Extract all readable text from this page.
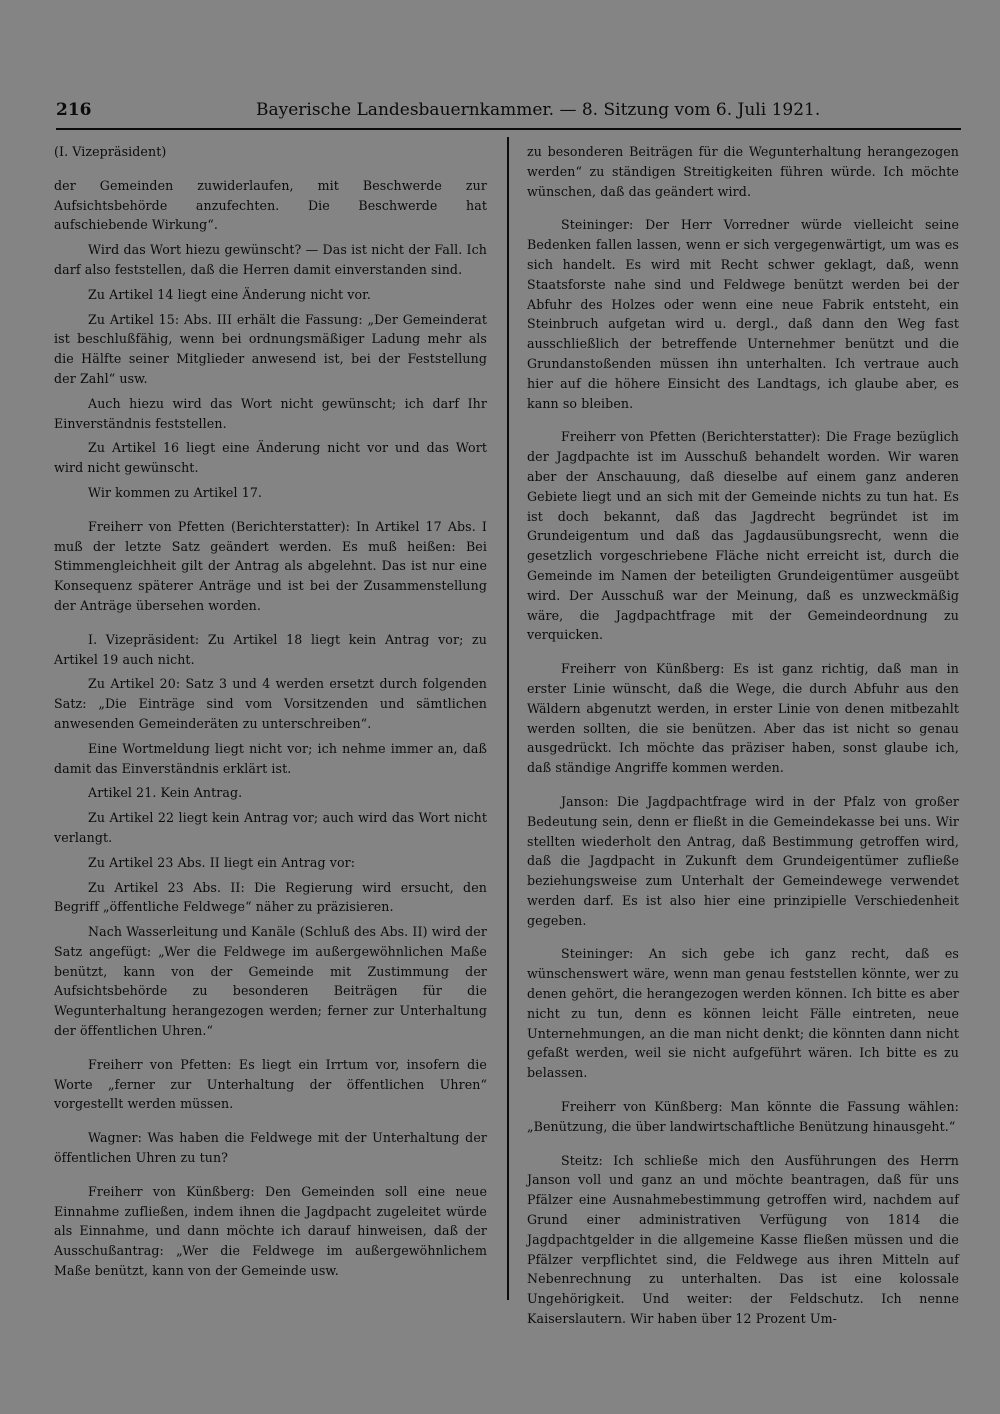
216	Bayerische Landesbauernkammer. — 8. Sitzung vom 6. Juli 1921.

(I. Vizepräsident)

der Gemeinden zuwiderlaufen, mit Beschwerde zur Aufsichtsbehörde anzufechten. Die Beschwerde hat aufschiebende Wirkung“.

Wird das Wort hiezu gewünscht? — Das ist nicht der Fall. Ich darf also feststellen, daß die Herren damit einverstanden sind.

Zu Artikel 14 liegt eine Änderung nicht vor.

Zu Artikel 15: Abs. III erhält die Fassung: „Der Gemeinderat ist beschlußfähig, wenn bei ordnungsmäßiger Ladung mehr als die Hälfte seiner Mitglieder anwesend ist, bei der Feststellung der Zahl“ usw.

Auch hiezu wird das Wort nicht gewünscht; ich darf Ihr Einverständnis feststellen.

Zu Artikel 16 liegt eine Änderung nicht vor und das Wort wird nicht gewünscht.

Wir kommen zu Artikel 17.

Freiherr von Pfetten (Berichterstatter): In Artikel 17 Abs. I muß der letzte Satz geändert werden. Es muß heißen: Bei Stimmengleichheit gilt der Antrag als abgelehnt. Das ist nur eine Konsequenz späterer Anträge und ist bei der Zusammenstellung der Anträge übersehen worden.

I. Vizepräsident: Zu Artikel 18 liegt kein Antrag vor; zu Artikel 19 auch nicht.

Zu Artikel 20: Satz 3 und 4 werden ersetzt durch folgenden Satz: „Die Einträge sind vom Vorsitzenden und sämtlichen anwesenden Gemeinderäten zu unterschreiben“.

Eine Wortmeldung liegt nicht vor; ich nehme immer an, daß damit das Einverständnis erklärt ist.

Artikel 21. Kein Antrag.

Zu Artikel 22 liegt kein Antrag vor; auch wird das Wort nicht verlangt.

Zu Artikel 23 Abs. II liegt ein Antrag vor:

Zu Artikel 23 Abs. II: Die Regierung wird ersucht, den Begriff „öffentliche Feldwege“ näher zu präzisieren.

Nach Wasserleitung und Kanäle (Schluß des Abs. II) wird der Satz angefügt: „Wer die Feldwege im außergewöhnlichen Maße benützt, kann von der Gemeinde mit Zustimmung der Aufsichtsbehörde zu besonderen Beiträgen für die Wegunterhaltung herangezogen werden; ferner zur Unterhaltung der öffentlichen Uhren.“

Freiherr von Pfetten: Es liegt ein Irrtum vor, insofern die Worte „ferner zur Unterhaltung der öffentlichen Uhren“ vorgestellt werden müssen.

Wagner: Was haben die Feldwege mit der Unterhaltung der öffentlichen Uhren zu tun?

Freiherr von Künßberg: Den Gemeinden soll eine neue Einnahme zufließen, indem ihnen die Jagdpacht zugeleitet würde als Einnahme, und dann möchte ich darauf hinweisen, daß der Ausschußantrag: „Wer die Feldwege im außergewöhnlichem Maße benützt, kann von der Gemeinde usw.

zu besonderen Beiträgen für die Wegunterhaltung herangezogen werden“ zu ständigen Streitigkeiten führen würde. Ich möchte wünschen, daß das geändert wird.

Steininger: Der Herr Vorredner würde vielleicht seine Bedenken fallen lassen, wenn er sich vergegenwärtigt, um was es sich handelt. Es wird mit Recht schwer geklagt, daß, wenn Staatsforste nahe sind und Feldwege benützt werden bei der Abfuhr des Holzes oder wenn eine neue Fabrik entsteht, ein Steinbruch aufgetan wird u. dergl., daß dann den Weg fast ausschließlich der betreffende Unternehmer benützt und die Grundanstoßenden müssen ihn unterhalten. Ich vertraue auch hier auf die höhere Einsicht des Landtags, ich glaube aber, es kann so bleiben.

Freiherr von Pfetten (Berichterstatter): Die Frage bezüglich der Jagdpachte ist im Ausschuß behandelt worden. Wir waren aber der Anschauung, daß dieselbe auf einem ganz anderen Gebiete liegt und an sich mit der Gemeinde nichts zu tun hat. Es ist doch bekannt, daß das Jagdrecht begründet ist im Grundeigentum und daß das Jagdausübungsrecht, wenn die gesetzlich vorgeschriebene Fläche nicht erreicht ist, durch die Gemeinde im Namen der beteiligten Grundeigentümer ausgeübt wird. Der Ausschuß war der Meinung, daß es unzweckmäßig wäre, die Jagdpachtfrage mit der Gemeindeordnung zu verquicken.

Freiherr von Künßberg: Es ist ganz richtig, daß man in erster Linie wünscht, daß die Wege, die durch Abfuhr aus den Wäldern abgenutzt werden, in erster Linie von denen mitbezahlt werden sollten, die sie benützen. Aber das ist nicht so genau ausgedrückt. Ich möchte das präziser haben, sonst glaube ich, daß ständige Angriffe kommen werden.

Janson: Die Jagdpachtfrage wird in der Pfalz von großer Bedeutung sein, denn er fließt in die Gemeindekasse bei uns. Wir stellten wiederholt den Antrag, daß Bestimmung getroffen wird, daß die Jagdpacht in Zukunft dem Grundeigentümer zufließe beziehungsweise zum Unterhalt der Gemeindewege verwendet werden darf. Es ist also hier eine prinzipielle Verschiedenheit gegeben.

Steininger: An sich gebe ich ganz recht, daß es wünschenswert wäre, wenn man genau feststellen könnte, wer zu denen gehört, die herangezogen werden können. Ich bitte es aber nicht zu tun, denn es können leicht Fälle eintreten, neue Unternehmungen, an die man nicht denkt; die könnten dann nicht gefaßt werden, weil sie nicht aufgeführt wären. Ich bitte es zu belassen.

Freiherr von Künßberg: Man könnte die Fassung wählen: „Benützung, die über landwirtschaftliche Benützung hinausgeht.“

Steitz: Ich schließe mich den Ausführungen des Herrn Janson voll und ganz an und möchte beantragen, daß für uns Pfälzer eine Ausnahmebestimmung getroffen wird, nachdem auf Grund einer administrativen Verfügung von 1814 die Jagdpachtgelder in die allgemeine Kasse fließen müssen und die Pfälzer verpflichtet sind, die Feldwege aus ihren Mitteln auf Nebenrechnung zu unterhalten. Das ist eine kolossale Ungehörigkeit. Und weiter: der Feldschutz. Ich nenne Kaiserslautern. Wir haben über 12 Prozent Um-
